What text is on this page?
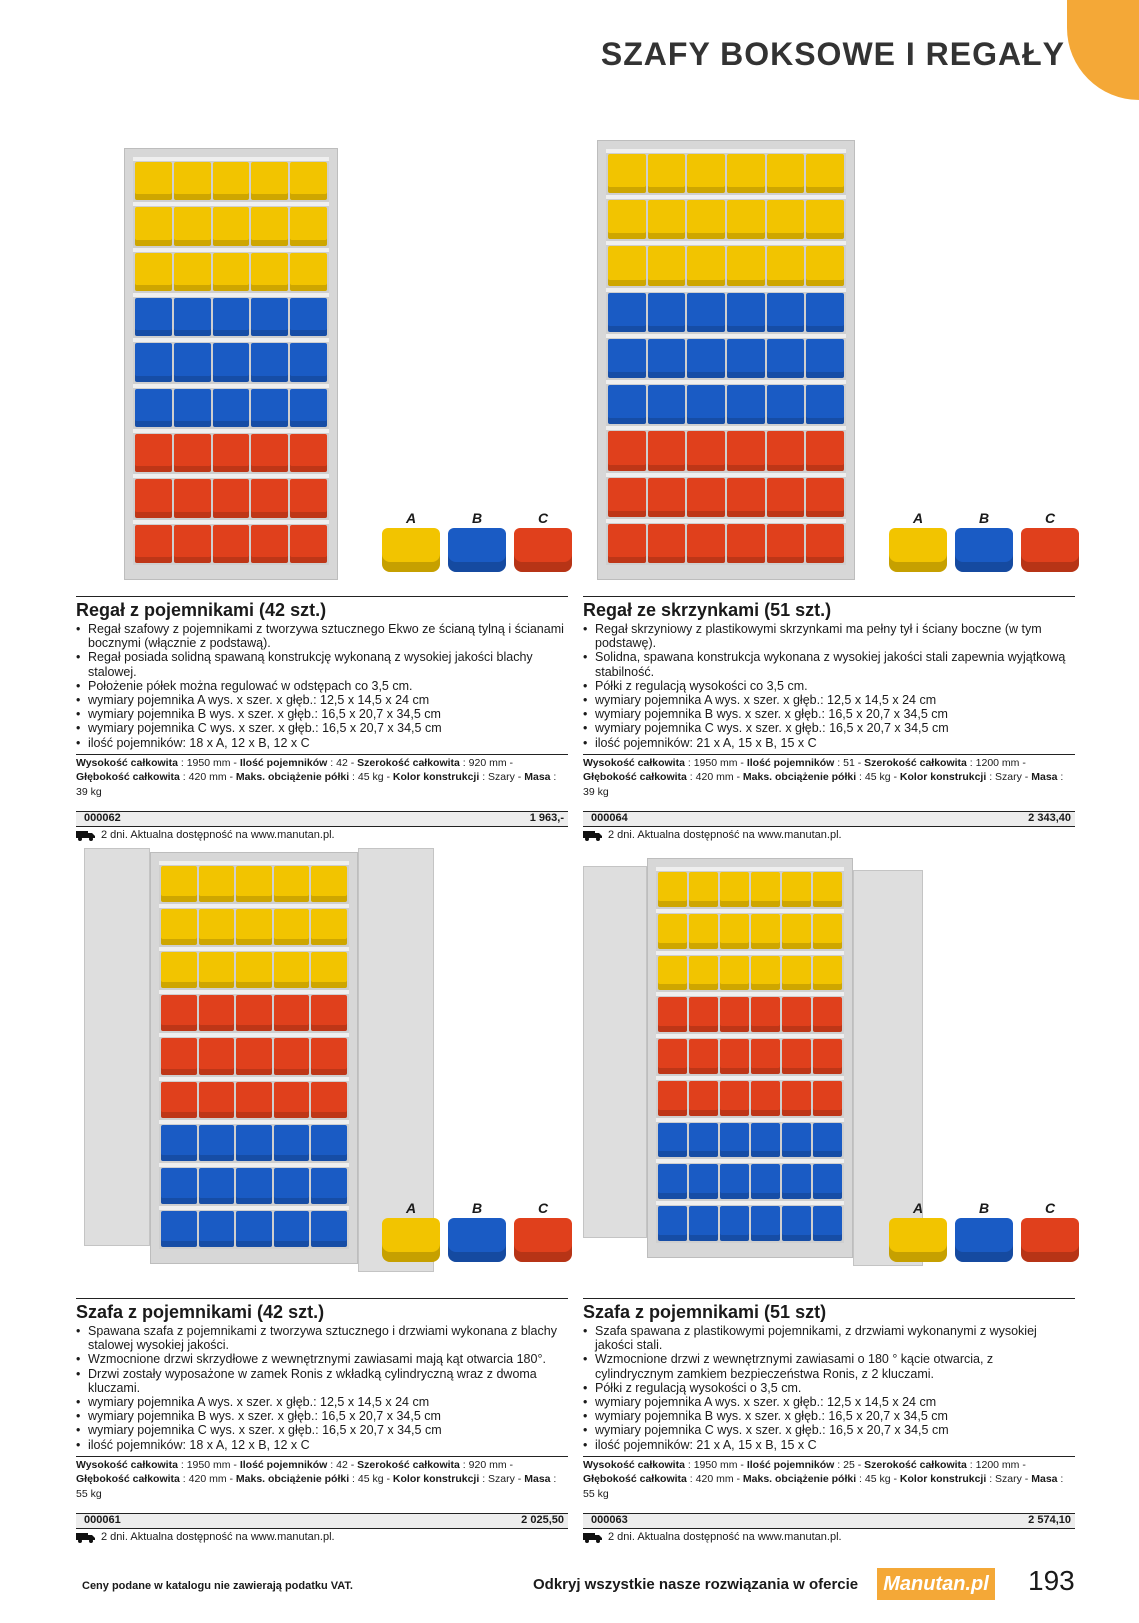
SZAFY BOKSOWE I REGAŁY
A	B	C
Regał z pojemnikami (42 szt.)
• Regał szafowy z pojemnikami z tworzywa sztucznego Ekwo ze ścianą tylną i ścianami bocznymi (włącznie z podstawą).
• Regał posiada solidną spawaną konstrukcję wykonaną z wysokiej jakości blachy stalowej.
• Położenie półek można regulować w odstępach co 3,5 cm.
• wymiary pojemnika A wys. x szer. x głęb.: 12,5 x 14,5 x 24 cm
• wymiary pojemnika B wys. x szer. x głęb.: 16,5 x 20,7 x 34,5 cm
• wymiary pojemnika C wys. x szer. x głęb.: 16,5 x 20,7 x 34,5 cm
• ilość pojemników: 18 x A, 12 x B, 12 x C
Wysokość całkowita : 1950 mm - Ilość pojemników : 42 - Szerokość całkowita : 920 mm - Głębokość całkowita : 420 mm - Maks. obciążenie półki : 45 kg - Kolor konstrukcji : Szary - Masa : 39 kg
000062	1 963,-
2 dni. Aktualna dostępność na www.manutan.pl.
A	B	C
Regał ze skrzynkami (51 szt.)
• Regał skrzyniowy z plastikowymi skrzynkami ma pełny tył i ściany boczne (w tym podstawę).
• Solidna, spawana konstrukcja wykonana z wysokiej jakości stali zapewnia wyjątkową stabilność.
• Półki z regulacją wysokości co 3,5 cm.
• wymiary pojemnika A wys. x szer. x głęb.: 12,5 x 14,5 x 24 cm
• wymiary pojemnika B wys. x szer. x głęb.: 16,5 x 20,7 x 34,5 cm
• wymiary pojemnika C wys. x szer. x głęb.: 16,5 x 20,7 x 34,5 cm
• ilość pojemników: 21 x A, 15 x B, 15 x C
Wysokość całkowita : 1950 mm - Ilość pojemników : 51 - Szerokość całkowita : 1200 mm - Głębokość całkowita : 420 mm - Maks. obciążenie półki : 45 kg - Kolor konstrukcji : Szary - Masa : 39 kg
000064	2 343,40
2 dni. Aktualna dostępność na www.manutan.pl.
A	B	C
Szafa z pojemnikami (42 szt.)
• Spawana szafa z pojemnikami z tworzywa sztucznego i drzwiami wykonana z blachy stalowej wysokiej jakości.
• Wzmocnione drzwi skrzydłowe z wewnętrznymi zawiasami mają kąt otwarcia 180°.
• Drzwi zostały wyposażone w zamek Ronis z wkładką cylindryczną wraz z dwoma kluczami.
• wymiary pojemnika A wys. x szer. x głęb.: 12,5 x 14,5 x 24 cm
• wymiary pojemnika B wys. x szer. x głęb.: 16,5 x 20,7 x 34,5 cm
• wymiary pojemnika C wys. x szer. x głęb.: 16,5 x 20,7 x 34,5 cm
• ilość pojemników: 18 x A, 12 x B, 12 x C
Wysokość całkowita : 1950 mm - Ilość pojemników : 42 - Szerokość całkowita : 920 mm - Głębokość całkowita : 420 mm - Maks. obciążenie półki : 45 kg - Kolor konstrukcji : Szary - Masa : 55 kg
000061	2 025,50
2 dni. Aktualna dostępność na www.manutan.pl.
A	B	C
Szafa z pojemnikami (51 szt)
• Szafa spawana z plastikowymi pojemnikami, z drzwiami wykonanymi z wysokiej jakości stali.
• Wzmocnione drzwi z wewnętrznymi zawiasami o 180 ° kącie otwarcia, z cylindrycznym zamkiem bezpieczeństwa Ronis, z 2 kluczami.
• Półki z regulacją wysokości o 3,5 cm.
• wymiary pojemnika A wys. x szer. x głęb.: 12,5 x 14,5 x 24 cm
• wymiary pojemnika B wys. x szer. x głęb.: 16,5 x 20,7 x 34,5 cm
• wymiary pojemnika C wys. x szer. x głęb.: 16,5 x 20,7 x 34,5 cm
• ilość pojemników: 21 x A, 15 x B, 15 x C
Wysokość całkowita : 1950 mm - Ilość pojemników : 25 - Szerokość całkowita : 1200 mm - Głębokość całkowita : 420 mm - Maks. obciążenie półki : 45 kg - Kolor konstrukcji : Szary - Masa : 55 kg
000063	2 574,10
2 dni. Aktualna dostępność na www.manutan.pl.
Ceny podane w katalogu nie zawierają podatku VAT.	Odkryj wszystkie nasze rozwiązania w ofercie	Manutan.pl 193
